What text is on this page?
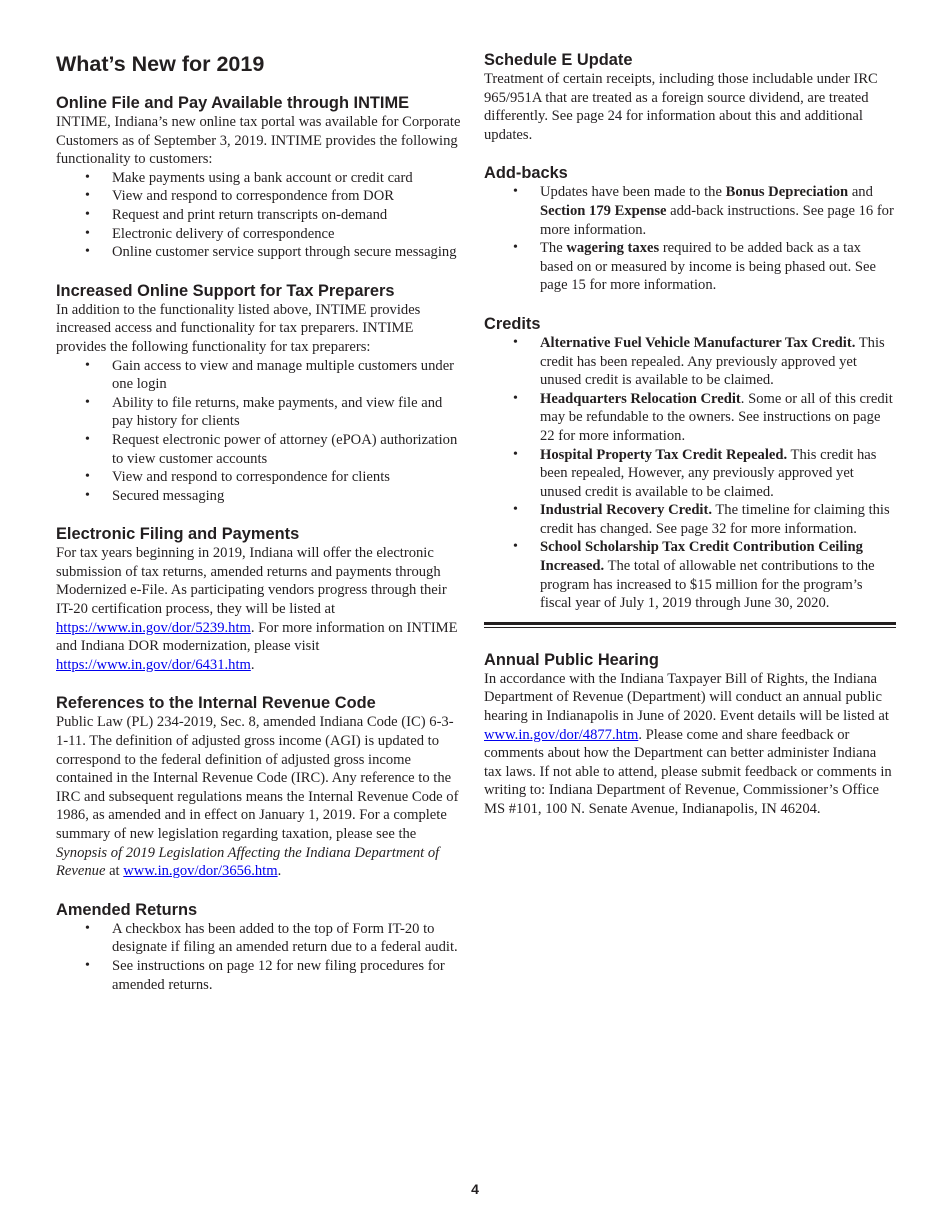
What’s New for 2019
Online File and Pay Available through INTIME

INTIME, Indiana’s new online tax portal was available for Corporate Customers as of September 3, 2019. INTIME provides the following functionality to customers:

• Make payments using a bank account or credit card
• View and respond to correspondence from DOR
• Request and print return transcripts on-demand
• Electronic delivery of correspondence
• Online customer service support through secure messaging
Increased Online Support for Tax Preparers

In addition to the functionality listed above, INTIME provides increased access and functionality for tax preparers. INTIME provides the following functionality for tax preparers:

• Gain access to view and manage multiple customers under one login
• Ability to file returns, make payments, and view file and pay history for clients
• Request electronic power of attorney (ePOA) authorization to view customer accounts
• View and respond to correspondence for clients
• Secured messaging
Electronic Filing and Payments

For tax years beginning in 2019, Indiana will offer the electronic submission of tax returns, amended returns and payments through Modernized e-File. As participating vendors progress through their IT-20 certification process, they will be listed at https://www.in.gov/dor/5239.htm. For more information on INTIME and Indiana DOR modernization, please visit https://www.in.gov/dor/6431.htm.

References to the Internal Revenue Code

Public Law (PL) 234-2019, Sec. 8, amended Indiana Code (IC) 6-3-1-11. The definition of adjusted gross income (AGI) is updated to correspond to the federal definition of adjusted gross income contained in the Internal Revenue Code (IRC). Any reference to the IRC and subsequent regulations means the Internal Revenue Code of 1986, as amended and in effect on January 1, 2019. For a complete summary of new legislation regarding taxation, please see the Synopsis of 2019 Legislation Affecting the Indiana Department of Revenue at www.in.gov/dor/3656.htm.

Amended Returns
• A checkbox has been added to the top of Form IT-20 to designate if filing an amended return due to a federal audit.
• See instructions on page 12 for new filing procedures for amended returns.
Schedule E Update

Treatment of certain receipts, including those includable under IRC 965/951A that are treated as a foreign source dividend, are treated differently. See page 24 for information about this and additional updates.

Add-backs
• Updates have been made to the Bonus Depreciation and Section 179 Expense add-back instructions. See page 16 for more information.
• The wagering taxes required to be added back as a tax based on or measured by income is being phased out. See page 15 for more information.
Credits
• Alternative Fuel Vehicle Manufacturer Tax Credit. This credit has been repealed. Any previously approved yet unused credit is available to be claimed.
• Headquarters Relocation Credit. Some or all of this credit may be refundable to the owners. See instructions on page 22 for more information.
• Hospital Property Tax Credit Repealed. This credit has been repealed, However, any previously approved yet unused credit is available to be claimed.
• Industrial Recovery Credit. The timeline for claiming this credit has changed. See page 32 for more information.
• School Scholarship Tax Credit Contribution Ceiling Increased. The total of allowable net contributions to the program has increased to $15 million for the program’s fiscal year of July 1, 2019 through June 30, 2020.
Annual Public Hearing

In accordance with the Indiana Taxpayer Bill of Rights, the Indiana Department of Revenue (Department) will conduct an annual public hearing in Indianapolis in June of 2020. Event details will be listed at www.in.gov/dor/4877.htm. Please come and share feedback or comments about how the Department can better administer Indiana tax laws. If not able to attend, please submit feedback or comments in writing to: Indiana Department of Revenue, Commissioner’s Office MS #101, 100 N. Senate Avenue, Indianapolis, IN 46204.

4
